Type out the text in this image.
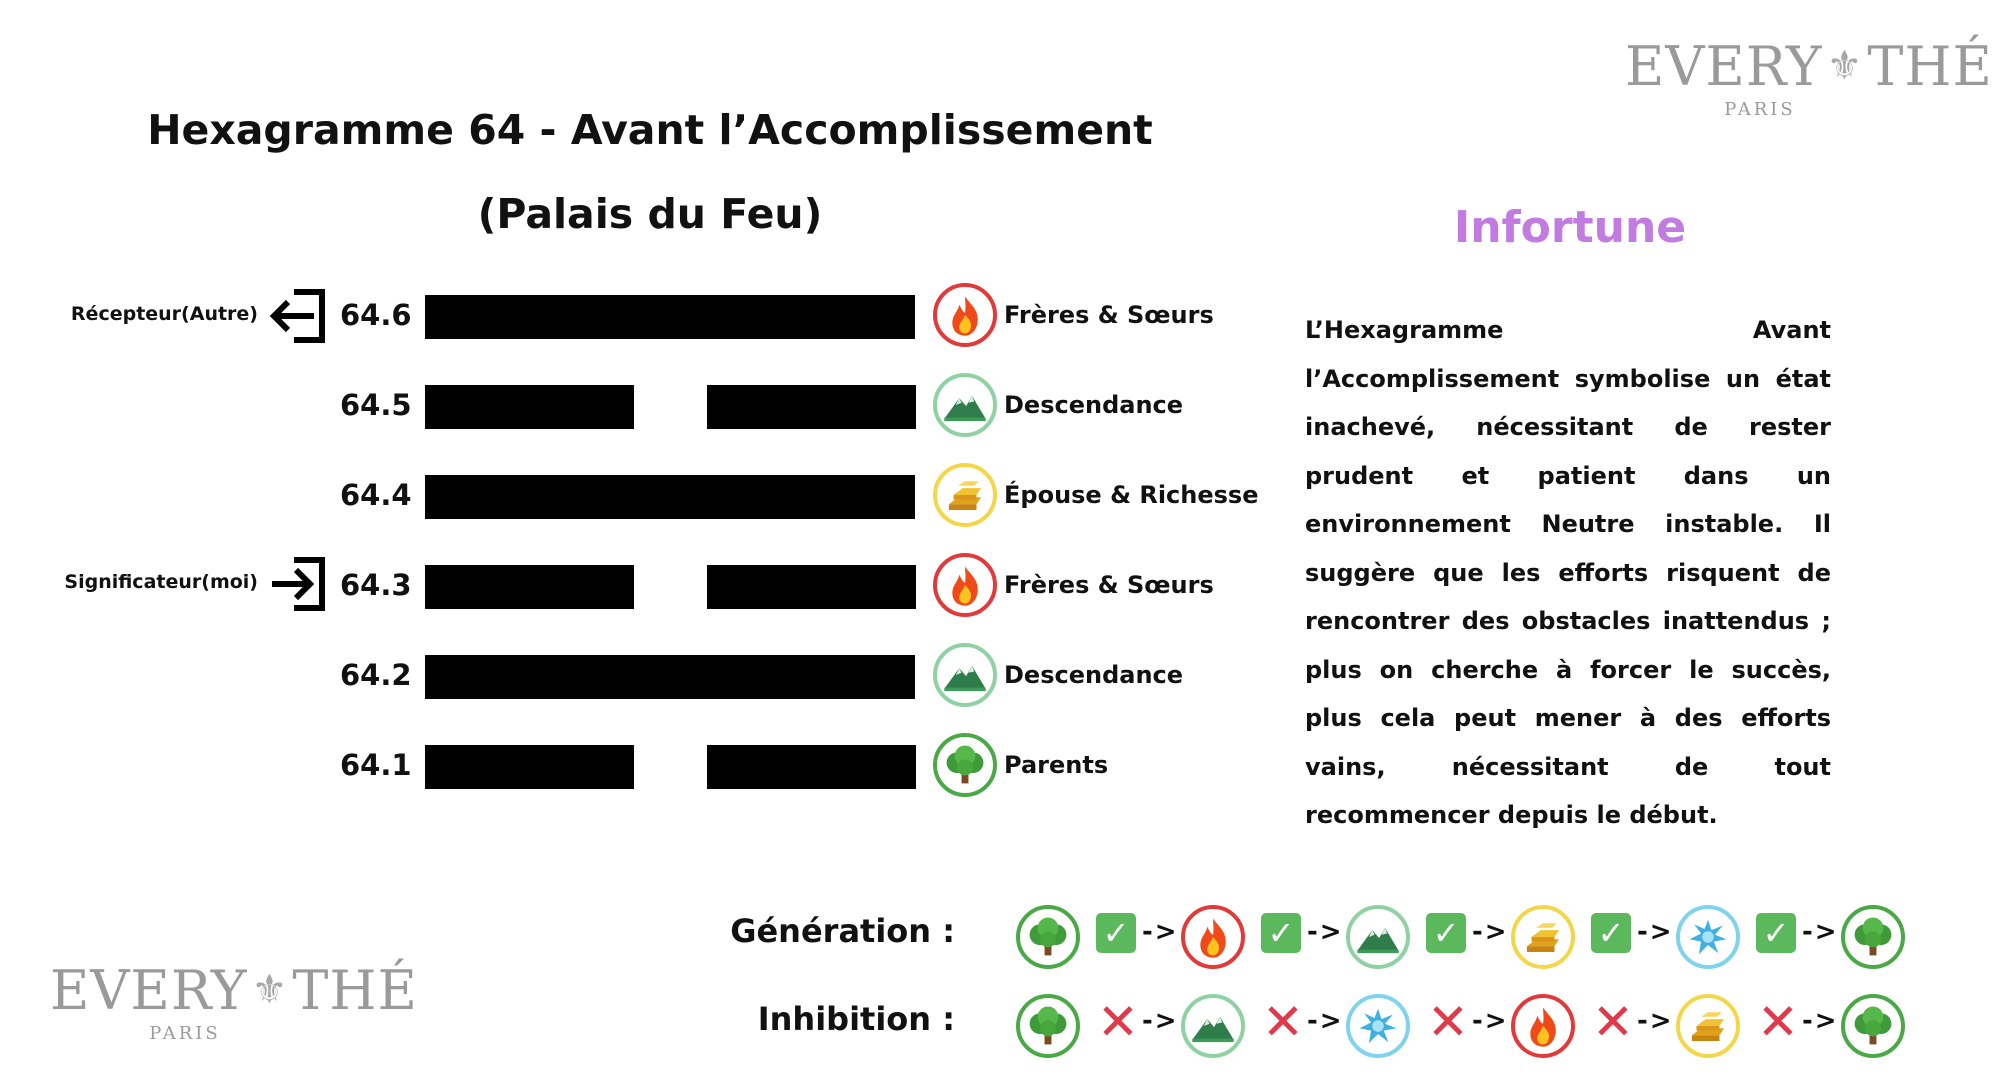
EVERY ⚜THÉ
PARIS
EVERY ⚜THÉ
PARIS
Hexagramme 64 - Avant l’Accomplissement
(Palais du Feu)	Infortune
L’Hexagramme Avant l’Accomplissement symbolise un état inachevé, nécessitant de rester prudent et patient dans un environnement Neutre instable. Il suggère que les efforts risquent de rencontrer des obstacles inattendus ; plus on cherche à forcer le succès, plus cela peut mener à des efforts vains, nécessitant de tout recommencer depuis le début.
Récepteur(Autre)
Significateur(moi)
64.6	Frères & Sœurs
64.5	Descendance
64.4	Épouse & Richesse
64.3	Frères & Sœurs
64.2	Descendance
64.1	Parents
Génération :
Inhibition :
✓ ->	✓ ->	✓ ->	✓ ->	✓ ->
✕ -> ✕ -> ✕ -> ✕ -> ✕ ->
